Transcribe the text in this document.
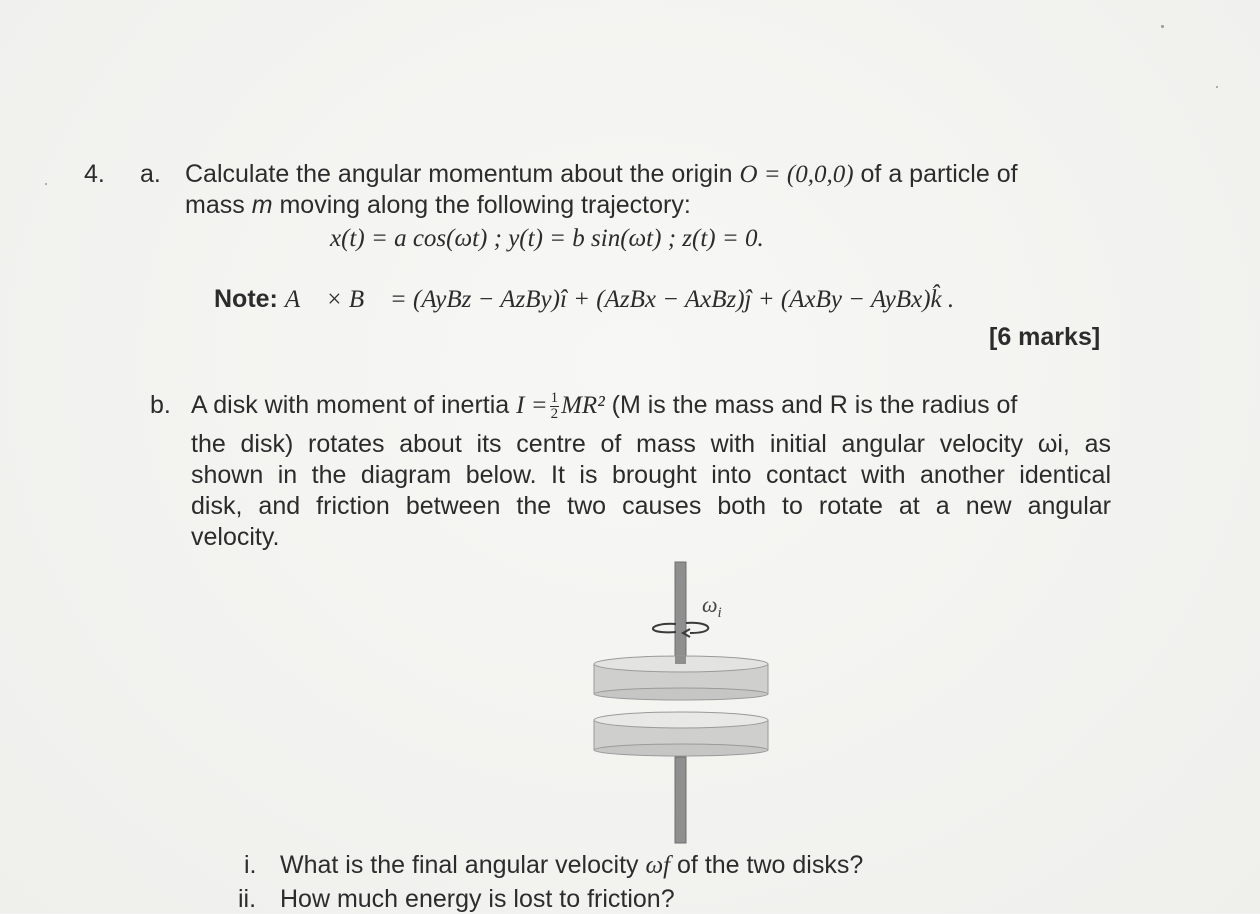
4. a. Calculate the angular momentum about the origin O = (0,0,0) of a particle of
mass m moving along the following trajectory:
x(t) = a cos(ωt) ; y(t) = b sin(ωt) ; z(t) = 0.
Note: A⃗ × B⃗ = (AyBz − AzBy)î + (AzBx − AxBz)ĵ + (AxBy − AyBx)k̂ .
[6 marks]
b. A disk with moment of inertia $I = \frac{1}{2} MR^2$ (M is the mass and R is the radius of
the disk) rotates about its centre of mass with initial angular velocity ωi, as
shown in the diagram below. It is brought into contact with another identical
disk, and friction between the two causes both to rotate at a new angular
velocity.
$\omega_i$
i. What is the final angular velocity ωf of the two disks?
ii. How much energy is lost to friction?
